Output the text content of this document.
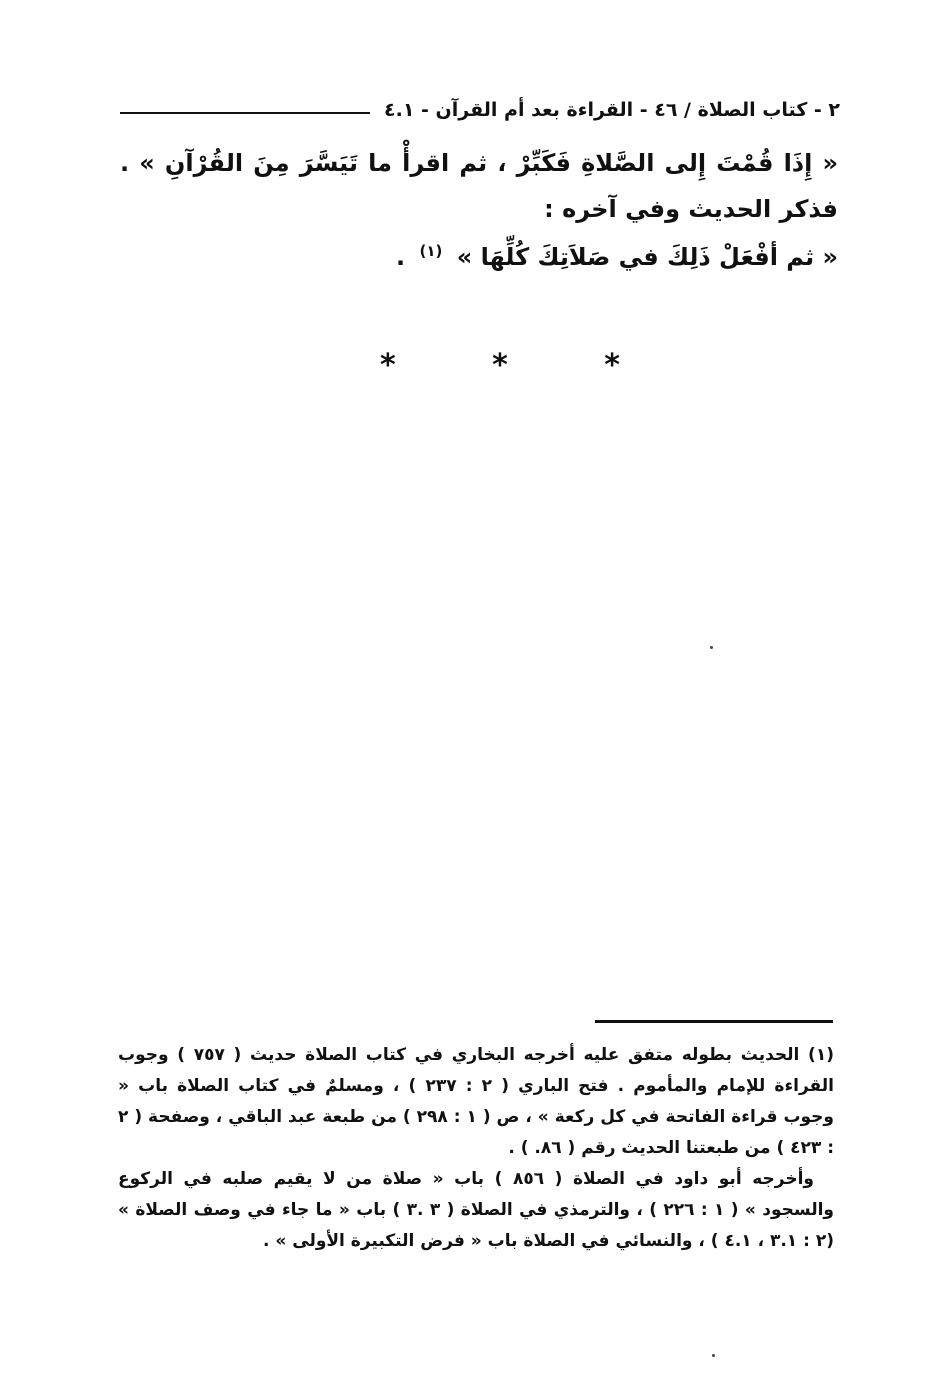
٢ - كتاب الصلاة / ٤٦ - القراءة بعد أم القرآن - ٤.١

« إِذَا قُمْتَ إِلى الصَّلاةِ فَكَبِّرْ ، ثم اقرأْ ما تَيَسَّرَ مِنَ القُرْآنِ » . فذكر الحديث وفي آخره :

« ثم أفْعَلْ ذَلِكَ في صَلاَتِكَ كُلِّهَا » $^{(١)}$ .

*	*	*

(١) الحديث بطوله متفق عليه أخرجه البخاري في كتاب الصلاة حديث ( ٧٥٧ ) وجوب القراءة للإمام والمأموم . فتح الباري ( ٢ : ٢٣٧ ) ، ومسلمٌ في كتاب الصلاة باب « وجوب قراءة الفاتحة في كل ركعة » ، ص ( ١ : ٢٩٨ ) من طبعة عبد الباقي ، وصفحة ( ٢ : ٤٢٣ ) من طبعتنا الحديث رقم ( ٨٦. ) .

وأخرجه أبو داود في الصلاة ( ٨٥٦ ) باب « صلاة من لا يقيم صلبه في الركوع والسجود » ( ١ : ٢٢٦ ) ، والترمذي في الصلاة ( ٣ .٣ ) باب « ما جاء في وصف الصلاة » (٢ : ٣.١ ، ٤.١ ) ، والنسائي في الصلاة باب « فرض التكبيرة الأولى » .
